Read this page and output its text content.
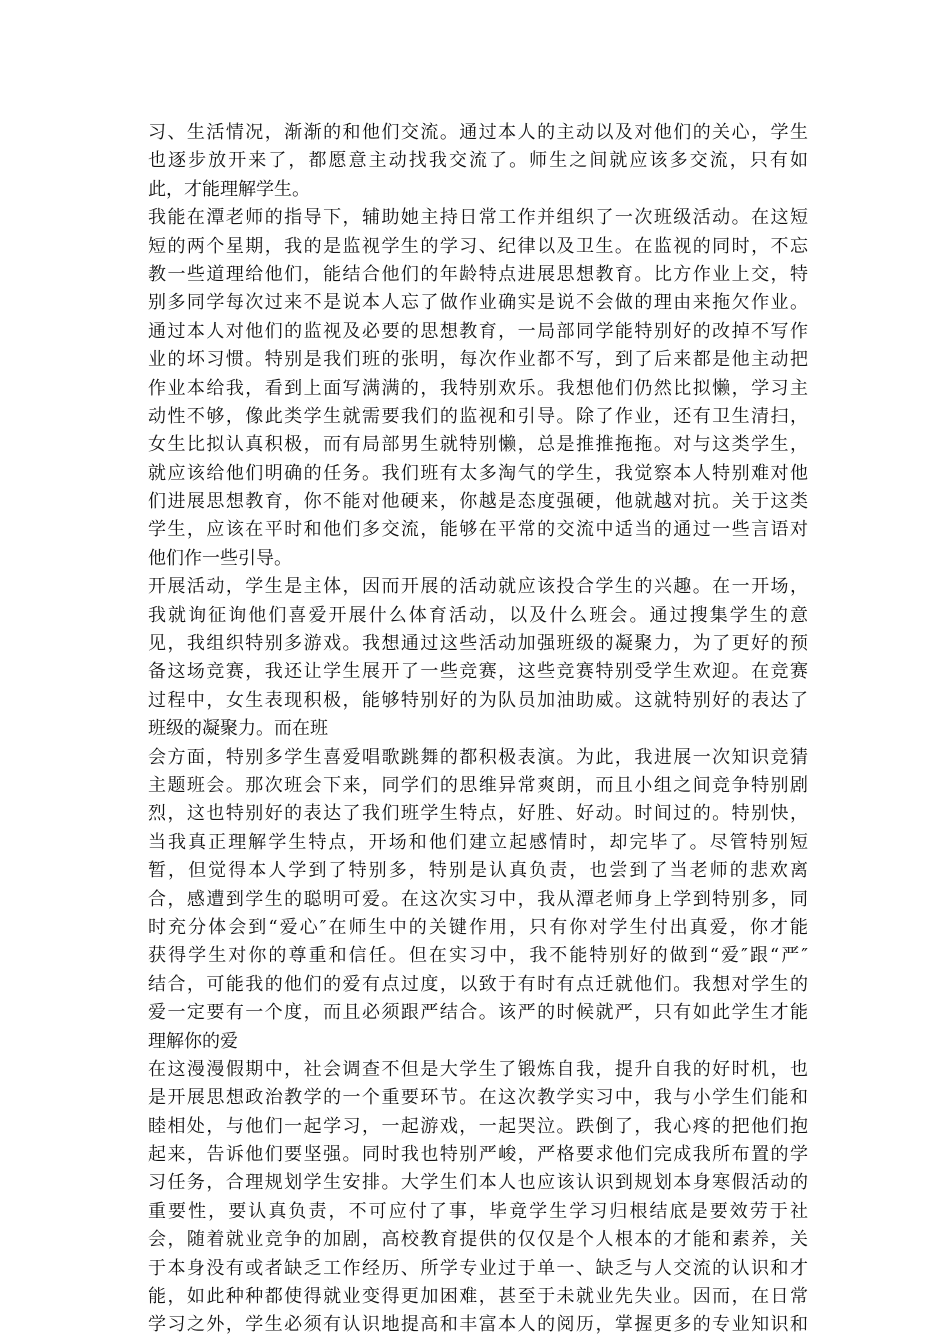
习、生活情况，渐渐的和他们交流。通过本人的主动以及对他们的关心，学生
也逐步放开来了，都愿意主动找我交流了。师生之间就应该多交流，只有如
此，才能理解学生。
我能在潭老师的指导下，辅助她主持日常工作并组织了一次班级活动。在这短
短的两个星期，我的是监视学生的学习、纪律以及卫生。在监视的同时，不忘
教一些道理给他们，能结合他们的年龄特点进展思想教育。比方作业上交，特
别多同学每次过来不是说本人忘了做作业确实是说不会做的理由来拖欠作业。
通过本人对他们的监视及必要的思想教育，一局部同学能特别好的改掉不写作
业的坏习惯。特别是我们班的张明，每次作业都不写，到了后来都是他主动把
作业本给我，看到上面写满满的，我特别欢乐。我想他们仍然比拟懒，学习主
动性不够，像此类学生就需要我们的监视和引导。除了作业，还有卫生清扫，
女生比拟认真积极，而有局部男生就特别懒，总是推推拖拖。对与这类学生，
就应该给他们明确的任务。我们班有太多淘气的学生，我觉察本人特别难对他
们进展思想教育，你不能对他硬来，你越是态度强硬，他就越对抗。关于这类
学生，应该在平时和他们多交流，能够在平常的交流中适当的通过一些言语对
他们作一些引导。
开展活动，学生是主体，因而开展的活动就应该投合学生的兴趣。在一开场，
我就询征询他们喜爱开展什么体育活动，以及什么班会。通过搜集学生的意
见，我组织特别多游戏。我想通过这些活动加强班级的凝聚力，为了更好的预
备这场竞赛，我还让学生展开了一些竞赛，这些竞赛特别受学生欢迎。在竞赛
过程中，女生表现积极，能够特别好的为队员加油助威。这就特别好的表达了
班级的凝聚力。而在班
会方面，特别多学生喜爱唱歌跳舞的都积极表演。为此，我进展一次知识竞猜
主题班会。那次班会下来，同学们的思维异常爽朗，而且小组之间竞争特别剧
烈，这也特别好的表达了我们班学生特点，好胜、好动。时间过的。特别快，
当我真正理解学生特点，开场和他们建立起感情时，却完毕了。尽管特别短
暂，但觉得本人学到了特别多，特别是认真负责，也尝到了当老师的悲欢离
合，感遭到学生的聪明可爱。在这次实习中，我从潭老师身上学到特别多，同
时充分体会到“爱心″在师生中的关键作用，只有你对学生付出真爱，你才能
获得学生对你的尊重和信任。但在实习中，我不能特别好的做到“爱″跟“严″
结合，可能我的他们的爱有点过度，以致于有时有点迁就他们。我想对学生的
爱一定要有一个度，而且必须跟严结合。该严的时候就严，只有如此学生才能
理解你的爱
在这漫漫假期中，社会调查不但是大学生了锻炼自我，提升自我的好时机，也
是开展思想政治教学的一个重要环节。在这次教学实习中，我与小学生们能和
睦相处，与他们一起学习，一起游戏，一起哭泣。跌倒了，我心疼的把他们抱
起来，告诉他们要坚强。同时我也特别严峻，严格要求他们完成我所布置的学
习任务，合理规划学生安排。大学生们本人也应该认识到规划本身寒假活动的
重要性，要认真负责，不可应付了事，毕竟学生学习归根结底是要效劳于社
会，随着就业竞争的加剧，高校教育提供的仅仅是个人根本的才能和素养，关
于本身没有或者缺乏工作经历、所学专业过于单一、缺乏与人交流的认识和才
能，如此种种都使得就业变得更加困难，甚至于未就业先失业。因而，在日常
学习之外，学生必须有认识地提高和丰富本人的阅历，掌握更多的专业知识和
